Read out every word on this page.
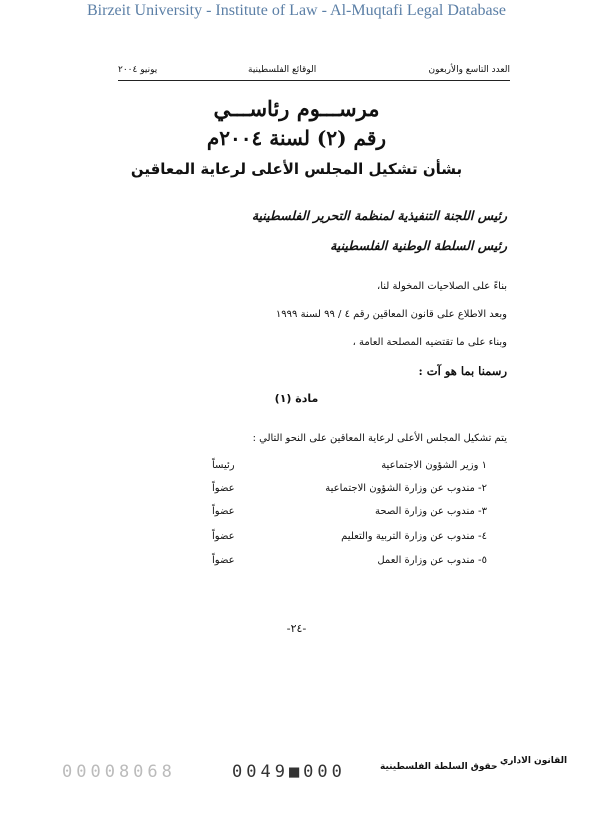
Birzeit University - Institute of Law - Al-Muqtafi Legal Database
العدد التاسع والأربعون
الوقائع الفلسطينية
يونيو ٢٠٠٤
مرســـوم رئاســـي
رقم (٢) لسنة ٢٠٠٤م
بشأن تشكيل المجلس الأعلى لرعاية المعاقين
رئيس اللجنة التنفيذية لمنظمة التحرير الفلسطينية
رئيس السلطة الوطنية الفلسطينية
بناءً على الصلاحيات المخولة لنا،
وبعد الاطلاع على قانون المعاقين رقم ٤ / ٩٩ لسنة ١٩٩٩
وبناء على ما تقتضيه المصلحة العامة ،
رسمنا بما هو آت :
مادة (١)
يتم تشكيل المجلس الأعلى لرعاية المعاقين على النحو التالي :
١ وزير الشؤون الاجتماعية
رئيساً
٢- مندوب عن وزارة الشؤون الاجتماعية
عضواً
٣- مندوب عن وزارة الصحة
عضواً
٤- مندوب عن وزارة التربية والتعليم
عضواً
٥- مندوب عن وزارة العمل
عضواً
-٢٤-
00008068	0049■000	حقوق السلطة الفلسطينية
القانون الاداري
